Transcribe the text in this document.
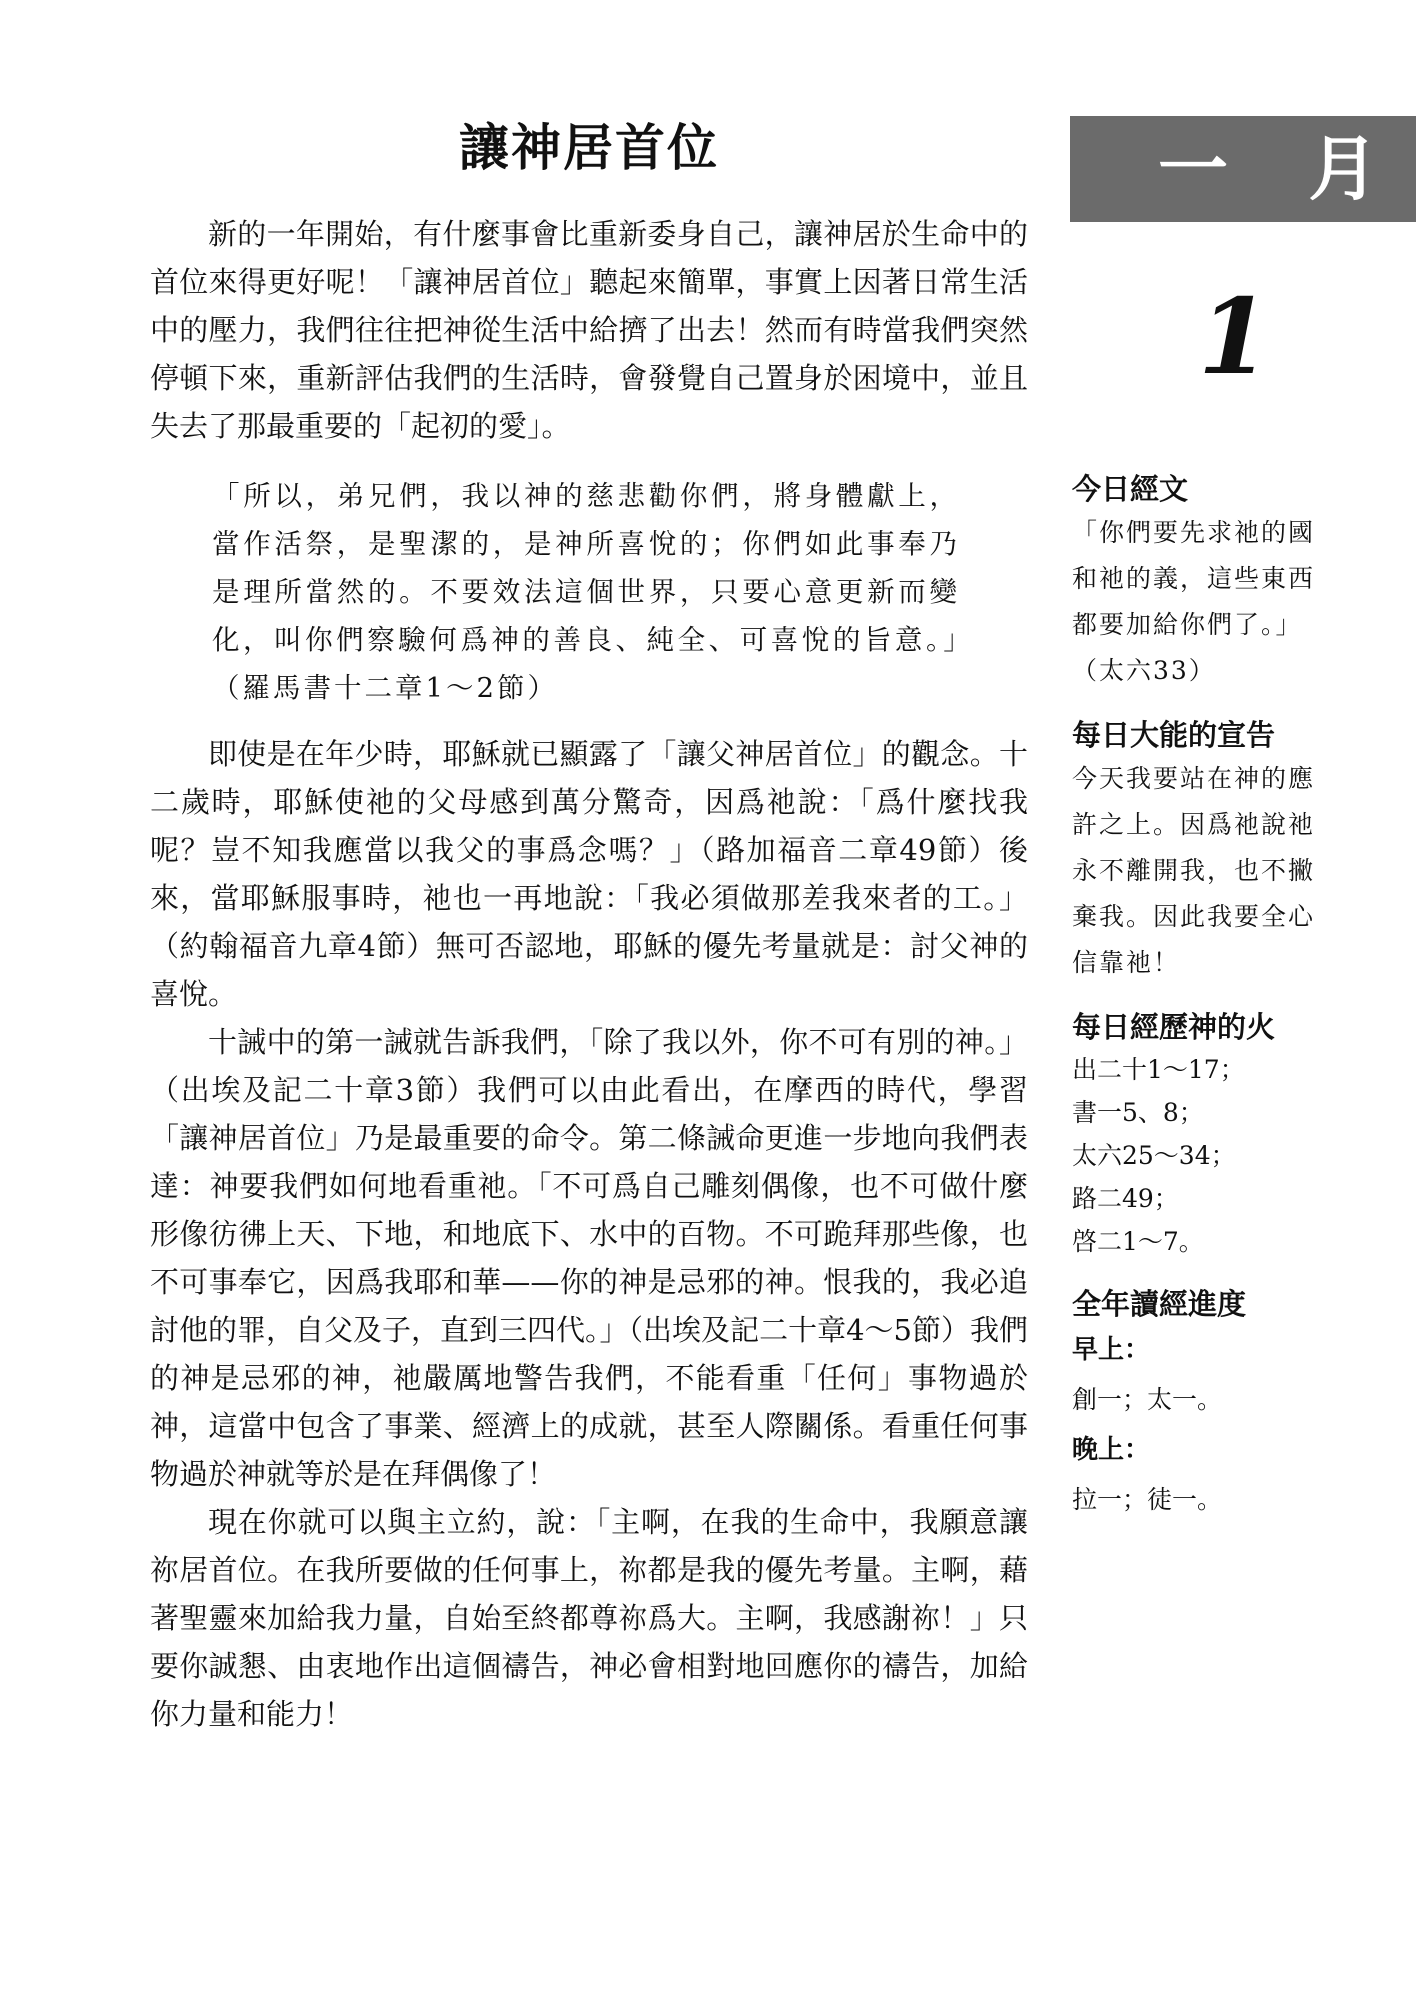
一 月
1
讓神居首位

新的一年開始，有什麼事會比重新委身自己，讓神居於生命中的首位來得更好呢！「讓神居首位」聽起來簡單，事實上因著日常生活中的壓力，我們往往把神從生活中給擠了出去！然而有時當我們突然停頓下來，重新評估我們的生活時，會發覺自己置身於困境中，並且失去了那最重要的「起初的愛」。

「所以，弟兄們，我以神的慈悲勸你們，將身體獻上，當作活祭，是聖潔的，是神所喜悅的；你們如此事奉乃是理所當然的。不要效法這個世界，只要心意更新而變化，叫你們察驗何爲神的善良、純全、可喜悅的旨意。」（羅馬書十二章1～2節）

即使是在年少時，耶穌就已顯露了「讓父神居首位」的觀念。十二歲時，耶穌使祂的父母感到萬分驚奇，因爲祂說：「爲什麼找我呢？豈不知我應當以我父的事爲念嗎？」（路加福音二章49節）後來，當耶穌服事時，祂也一再地說：「我必須做那差我來者的工。」（約翰福音九章4節）無可否認地，耶穌的優先考量就是：討父神的喜悅。

十誡中的第一誡就告訴我們，「除了我以外，你不可有別的神。」（出埃及記二十章3節）我們可以由此看出，在摩西的時代，學習「讓神居首位」乃是最重要的命令。第二條誡命更進一步地向我們表達：神要我們如何地看重祂。「不可爲自己雕刻偶像，也不可做什麼形像彷彿上天、下地，和地底下、水中的百物。不可跪拜那些像，也不可事奉它，因爲我耶和華——你的神是忌邪的神。恨我的，我必追討他的罪，自父及子，直到三四代。」（出埃及記二十章4～5節）我們的神是忌邪的神，祂嚴厲地警告我們，不能看重「任何」事物過於神，這當中包含了事業、經濟上的成就，甚至人際關係。看重任何事物過於神就等於是在拜偶像了！

現在你就可以與主立約，說：「主啊，在我的生命中，我願意讓祢居首位。在我所要做的任何事上，祢都是我的優先考量。主啊，藉著聖靈來加給我力量，自始至終都尊祢爲大。主啊，我感謝祢！」只要你誠懇、由衷地作出這個禱告，神必會相對地回應你的禱告，加給你力量和能力！

今日經文

「你們要先求祂的國和祂的義，這些東西都要加給你們了。」（太六33）

每日大能的宣告

今天我要站在神的應許之上。因爲祂說祂永不離開我，也不撇棄我。因此我要全心信靠祂！

每日經歷神的火
出二十1～17；
書一5、8；
太六25～34；
路二49；
啓二1～7。
全年讀經進度

早上：

創一；太一。

晚上：

拉一；徒一。
